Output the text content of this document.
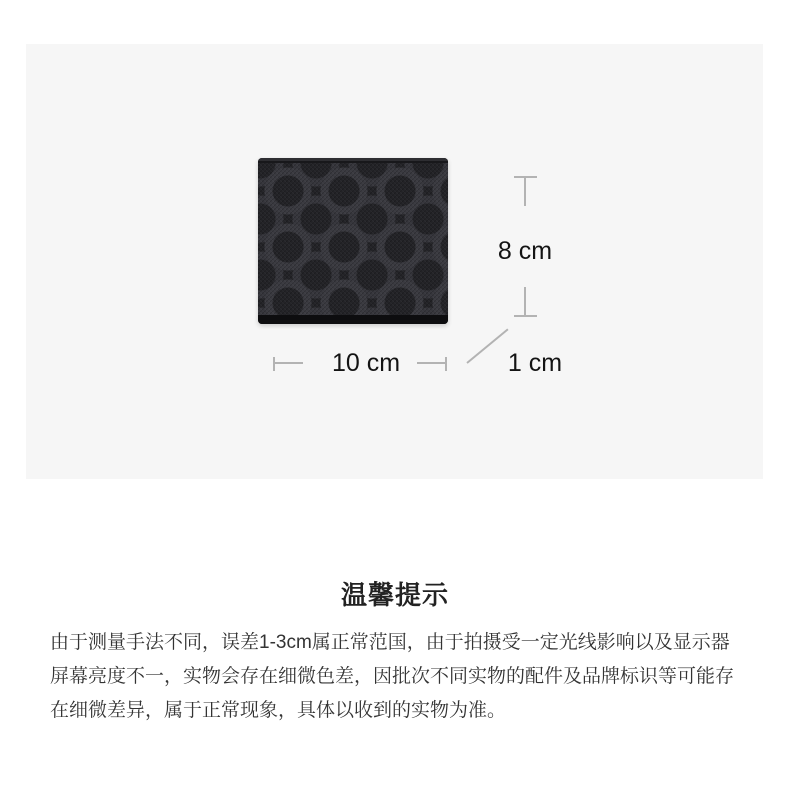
8 cm
10 cm	1 cm
温馨提示
由于测量手法不同，误差1-3cm属正常范国，由于拍摄受一定光线影响以及显示器
屏幕亮度不一，实物会存在细微色差，因批次不同实物的配件及品牌标识等可能存
在细微差异，属于正常现象，具体以收到的实物为准。
